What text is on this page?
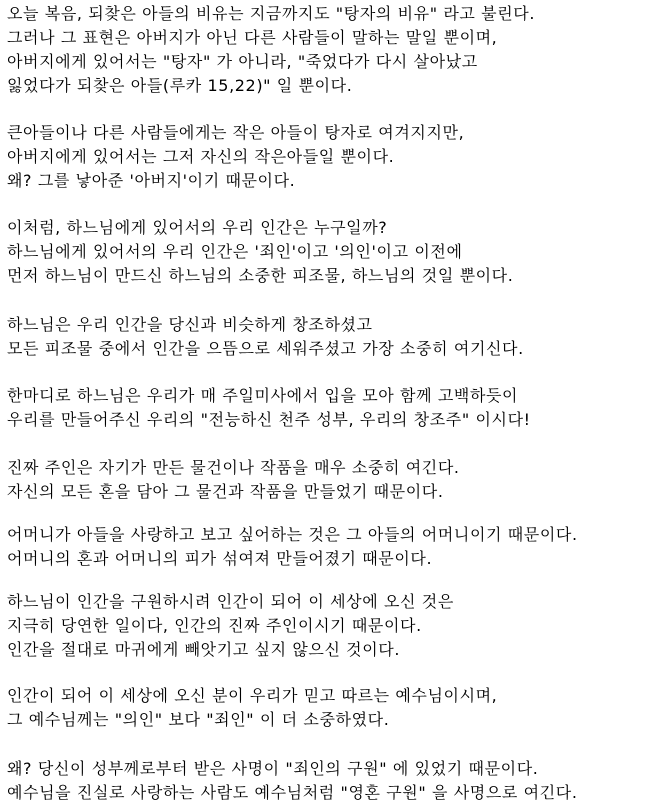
오늘 복음, 되찾은 아들의 비유는 지금까지도 "탕자의 비유" 라고 불린다.
그러나 그 표현은 아버지가 아닌 다른 사람들이 말하는 말일 뿐이며,
아버지에게 있어서는 "탕자" 가 아니라, "죽었다가 다시 살아났고
잃었다가 되찾은 아들(루카 15,22)" 일 뿐이다.
큰아들이나 다른 사람들에게는 작은 아들이 탕자로 여겨지지만,
아버지에게 있어서는 그저 자신의 작은아들일 뿐이다.
왜? 그를 낳아준 '아버지'이기 때문이다.
이처럼, 하느님에게 있어서의 우리 인간은 누구일까?
하느님에게 있어서의 우리 인간은 '죄인'이고 '의인'이고 이전에
먼저 하느님이 만드신 하느님의 소중한 피조물, 하느님의 것일 뿐이다.
하느님은 우리 인간을 당신과 비슷하게 창조하셨고
모든 피조물 중에서 인간을 으뜸으로 세워주셨고 가장 소중히 여기신다.
한마디로 하느님은 우리가 매 주일미사에서 입을 모아 함께 고백하듯이
우리를 만들어주신 우리의 "전능하신 천주 성부, 우리의 창조주" 이시다!
진짜 주인은 자기가 만든 물건이나 작품을 매우 소중히 여긴다.
자신의 모든 혼을 담아 그 물건과 작품을 만들었기 때문이다.
어머니가 아들을 사랑하고 보고 싶어하는 것은 그 아들의 어머니이기 때문이다.
어머니의 혼과 어머니의 피가 섞여져 만들어졌기 때문이다.
하느님이 인간을 구원하시려 인간이 되어 이 세상에 오신 것은
지극히 당연한 일이다, 인간의 진짜 주인이시기 때문이다.
인간을 절대로 마귀에게 빼앗기고 싶지 않으신 것이다.
인간이 되어 이 세상에 오신 분이 우리가 믿고 따르는 예수님이시며,
그 예수님께는 "의인" 보다 "죄인" 이 더 소중하였다.
왜? 당신이 성부께로부터 받은 사명이 "죄인의 구원" 에 있었기 때문이다.
예수님을 진실로 사랑하는 사람도 예수님처럼 "영혼 구원" 을 사명으로 여긴다.
